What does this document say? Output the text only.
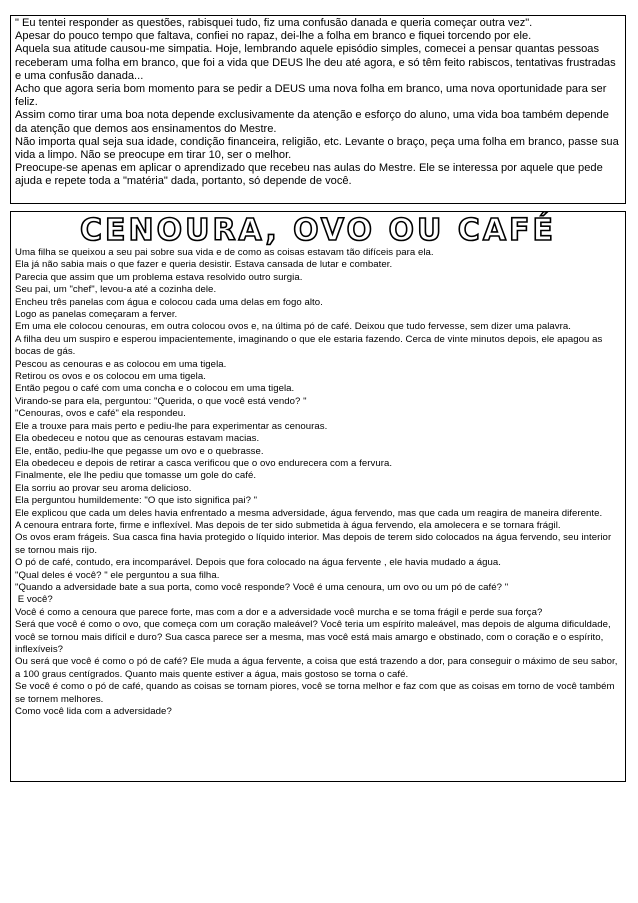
" Eu tentei responder as questões, rabisquei tudo, fiz uma confusão danada e queria começar outra vez".

Apesar do pouco tempo que faltava, confiei no rapaz, dei-lhe a folha em branco e fiquei torcendo por ele.

Aquela sua atitude causou-me simpatia. Hoje, lembrando aquele episódio simples, comecei a pensar quantas pessoas receberam uma folha em branco, que foi a vida que DEUS lhe deu até agora, e só têm feito rabiscos, tentativas frustradas e uma confusão danada...

Acho que agora seria bom momento para se pedir a DEUS uma nova folha em branco, uma nova oportunidade para ser feliz.

Assim como tirar uma boa nota depende exclusivamente da atenção e esforço do aluno, uma vida boa também depende da atenção que demos aos ensinamentos do Mestre.

Não importa qual seja sua idade, condição financeira, religião, etc. Levante o braço, peça uma folha em branco, passe sua vida a limpo. Não se preocupe em tirar 10, ser o melhor.

Preocupe-se apenas em aplicar o aprendizado que recebeu nas aulas do Mestre. Ele se interessa por aquele que pede ajuda e repete toda a "matéria" dada, portanto, só depende de você.

CENOURA, OVO OU CAFÉ

Uma filha se queixou a seu pai sobre sua vida e de como as coisas estavam tão difíceis para ela.

Ela já não sabia mais o que fazer e queria desistir. Estava cansada de lutar e combater.

Parecia que assim que um problema estava resolvido outro surgia.

Seu pai, um "chef", levou-a até a cozinha dele.

Encheu três panelas com água e colocou cada uma delas em fogo alto.

Logo as panelas começaram a ferver.

Em uma ele colocou cenouras, em outra colocou ovos e, na última pó de café. Deixou que tudo fervesse, sem dizer uma palavra.

A filha deu um suspiro e esperou impacientemente, imaginando o que ele estaria fazendo. Cerca de vinte minutos depois, ele apagou as bocas de gás.

Pescou as cenouras e as colocou em uma tigela.

Retirou os ovos e os colocou em uma tigela.

Então pegou o café com uma concha e o colocou em uma tigela.

Virando-se para ela, perguntou: "Querida, o que você está vendo? "

"Cenouras, ovos e café" ela respondeu.

Ele a trouxe para mais perto e pediu-lhe para experimentar as cenouras.

Ela obedeceu e notou que as cenouras estavam macias.

Ele, então, pediu-lhe que pegasse um ovo e o quebrasse.

Ela obedeceu e depois de retirar a casca verificou que o ovo endurecera com a fervura.

Finalmente, ele lhe pediu que tomasse um gole do café.

Ela sorriu ao provar seu aroma delicioso.

Ela perguntou humildemente: "O que isto significa pai? "

Ele explicou que cada um deles havia enfrentado a mesma adversidade, água fervendo, mas que cada um reagira de maneira diferente.

A cenoura entrara forte, firme e inflexível. Mas depois de ter sido submetida à água fervendo, ela amolecera e se tornara frágil.

Os ovos eram frágeis. Sua casca fina havia protegido o líquido interior. Mas depois de terem sido colocados na água fervendo, seu interior se tornou mais rijo.

O pó de café, contudo, era incomparável. Depois que fora colocado na água fervente , ele havia mudado a água.

"Qual deles é você? " ele perguntou a sua filha.

"Quando a adversidade bate a sua porta, como você responde? Você é uma cenoura, um ovo ou um pó de café? "

E você?

Você é como a cenoura que parece forte, mas com a dor e a adversidade você murcha e se toma frágil e perde sua força?

Será que você é como o ovo, que começa com um coração maleável? Você teria um espírito maleável, mas depois de alguma dificuldade, você se tornou mais difícil e duro? Sua casca parece ser a mesma, mas você está mais amargo e obstinado, com o coração e o espírito, inflexíveis?

Ou será que você é como o pó de café? Ele muda a água fervente, a coisa que está trazendo a dor, para conseguir o máximo de seu sabor, a 100 graus centígrados. Quanto mais quente estiver a água, mais gostoso se torna o café.

Se você é como o pó de café, quando as coisas se tornam piores, você se torna melhor e faz com que as coisas em torno de você também se tornem melhores.

Como você lida com a adversidade?
